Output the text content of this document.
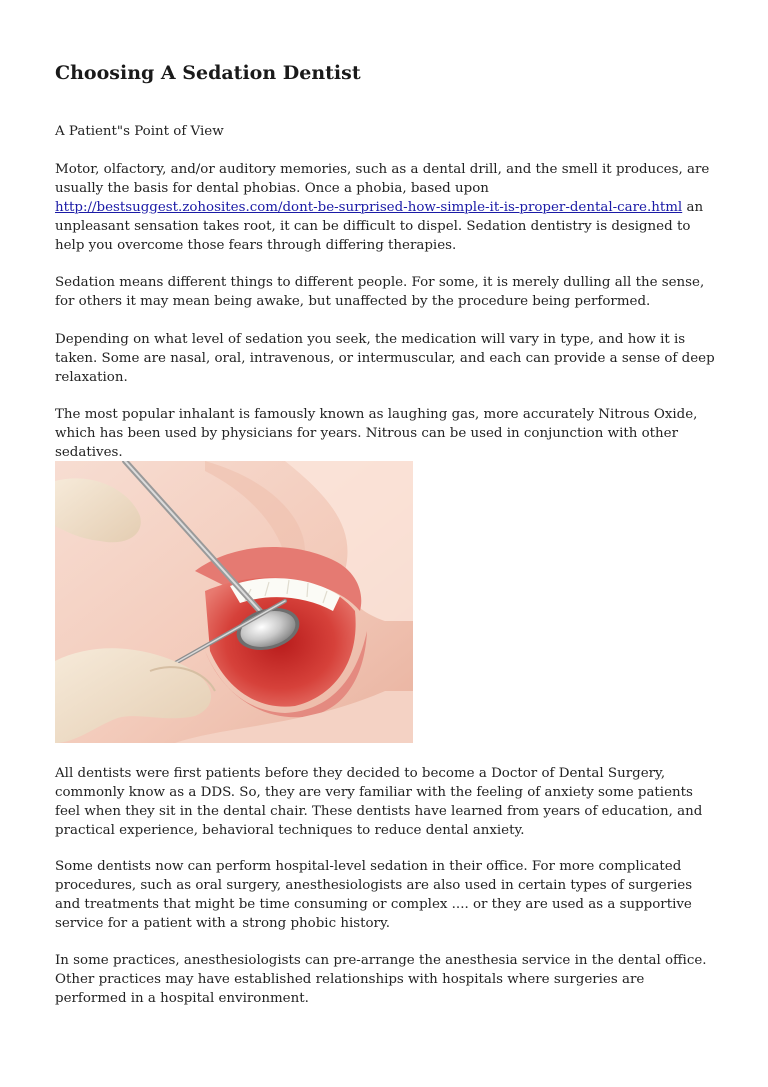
Choosing A Sedation Dentist

A Patient"s Point of View

Motor, olfactory, and/or auditory memories, such as a dental drill, and the smell it produces, are usually the basis for dental phobias. Once a phobia, based upon http://bestsuggest.zohosites.com/dont-be-surprised-how-simple-it-is-proper-dental-care.html an unpleasant sensation takes root, it can be difficult to dispel. Sedation dentistry is designed to help you overcome those fears through differing therapies.

Sedation means different things to different people. For some, it is merely dulling all the sense, for others it may mean being awake, but unaffected by the procedure being performed.

Depending on what level of sedation you seek, the medication will vary in type, and how it is taken. Some are nasal, oral, intravenous, or intermuscular, and each can provide a sense of deep relaxation.

The most popular inhalant is famously known as laughing gas, more accurately Nitrous Oxide, which has been used by physicians for years. Nitrous can be used in conjunction with other sedatives.

All dentists were first patients before they decided to become a Doctor of Dental Surgery, commonly know as a DDS. So, they are very familiar with the feeling of anxiety some patients feel when they sit in the dental chair. These dentists have learned from years of education, and practical experience, behavioral techniques to reduce dental anxiety.

Some dentists now can perform hospital-level sedation in their office. For more complicated procedures, such as oral surgery, anesthesiologists are also used in certain types of surgeries and treatments that might be time consuming or complex .... or they are used as a supportive service for a patient with a strong phobic history.

In some practices, anesthesiologists can pre-arrange the anesthesia service in the dental office. Other practices may have established relationships with hospitals where surgeries are performed in a hospital environment.
